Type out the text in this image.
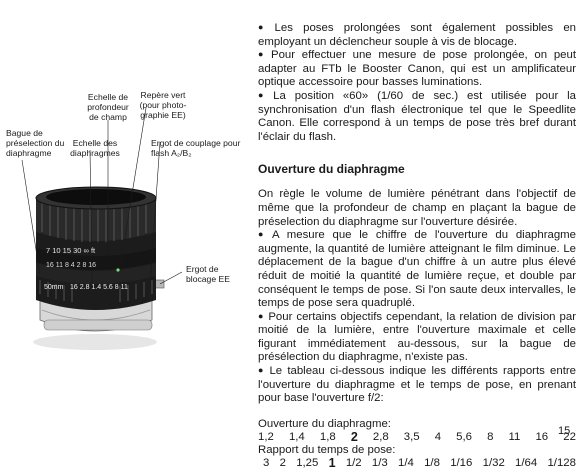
7 10 15 30 ∞ ft
16 11 8 4 2 8 16
50mm 16 2.8 1.4 5.6 8 11
Bague de
préselection du
diaphragme
Echelle de
profondeur
de champ
Repère vert
(pour photo-
graphie EE)
Echelle des
diaphragmes
Ergot de couplage pour
flash A₂/B₂
Ergot de
blocage EE

● Les poses prolongées sont également possibles en employant un déclencheur souple à vis de blocage.

● Pour effectuer une mesure de pose prolongée, on peut adapter au FTb le Booster Canon, qui est un amplificateur optique accessoire pour basses luminations.

● La position «60» (1/60 de sec.) est utilisée pour la synchronisation d'un flash électronique tel que le Speedlite Canon. Elle correspond à un temps de pose très bref durant l'éclair du flash.

Ouverture du diaphragme

On règle le volume de lumière pénétrant dans l'objectif de même que la profondeur de champ en plaçant la bague de préselection du diaphragme sur l'ouverture désirée.

● A mesure que le chiffre de l'ouverture du diaphragme augmente, la quantité de lumière atteignant le film diminue. Le déplacement de la bague d'un chiffre à un autre plus élevé réduit de moitié la quantité de lumière reçue, et double par conséquent le temps de pose. Si l'on saute deux intervalles, le temps de pose sera quadruplé.

● Pour certains objectifs cependant, la relation de division par moitié de la lumière, entre l'ouverture maximale et celle figurant immédiatement au-dessous, sur la bague de présélection du diaphragme, n'existe pas.

● Le tableau ci-dessous indique les différents rapports entre l'ouverture du diaphragme et le temps de pose, en prenant pour base l'ouverture f/2:

Ouverture du diaphragme:

1,2 1,4 1,8 2 2,8 3,5 4 5,6 8 11 16 22

Rapport du temps de pose:

3 2 1,25 1 1/2 1/3 1/4 1/8 1/16 1/32 1/64 1/128
15
